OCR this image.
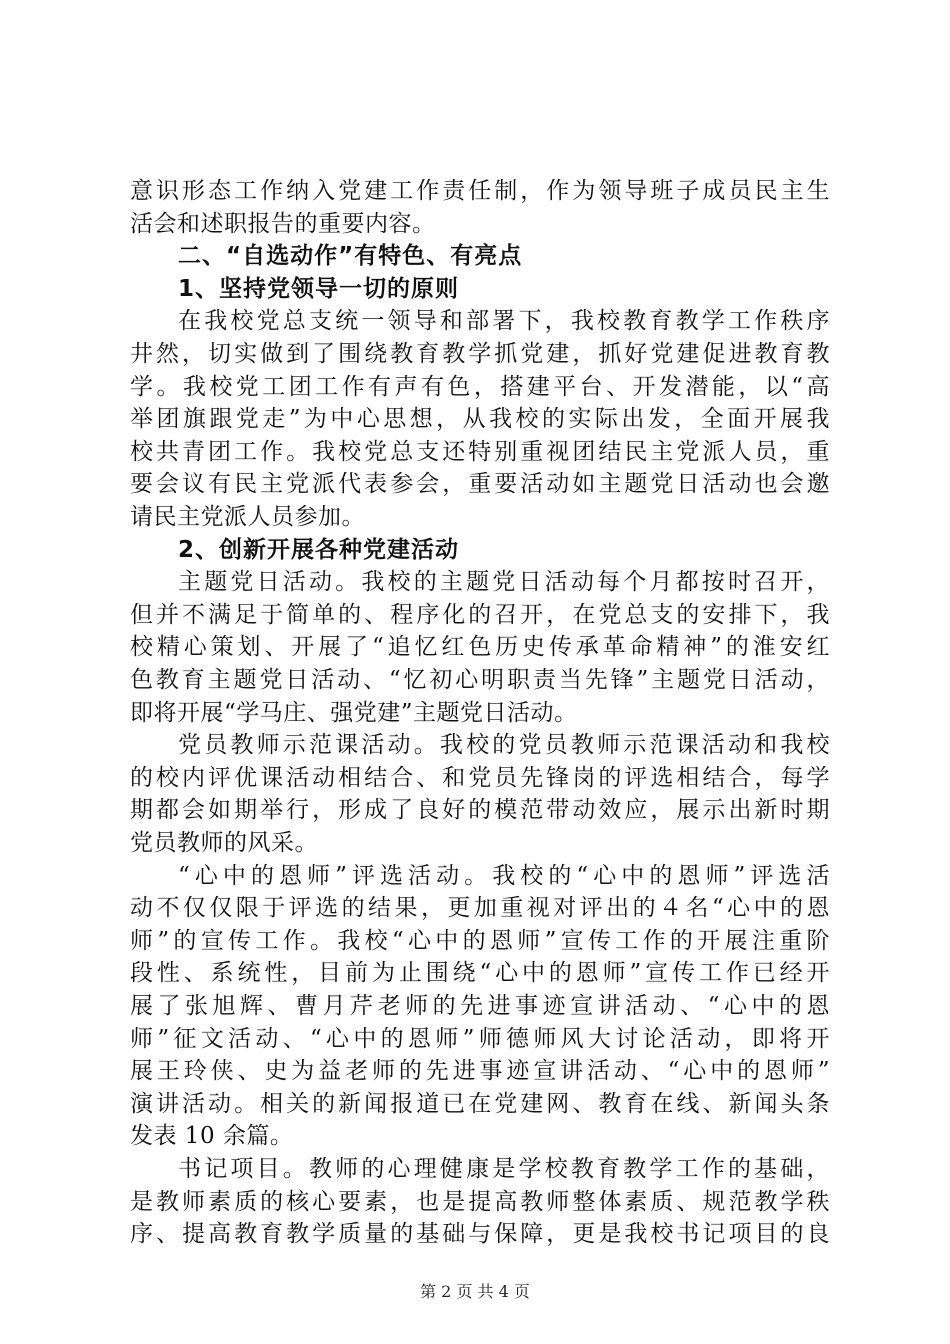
意识形态工作纳入党建工作责任制，作为领导班子成员民主生
活会和述职报告的重要内容。
二、“自选动作”有特色、有亮点
1、坚持党领导一切的原则
在我校党总支统一领导和部署下，我校教育教学工作秩序
井然，切实做到了围绕教育教学抓党建，抓好党建促进教育教
学。我校党工团工作有声有色，搭建平台、开发潜能，以“高
举团旗跟党走”为中心思想，从我校的实际出发，全面开展我
校共青团工作。我校党总支还特别重视团结民主党派人员，重
要会议有民主党派代表参会，重要活动如主题党日活动也会邀
请民主党派人员参加。
2、创新开展各种党建活动
主题党日活动。我校的主题党日活动每个月都按时召开，
但并不满足于简单的、程序化的召开，在党总支的安排下，我
校精心策划、开展了“追忆红色历史传承革命精神”的淮安红
色教育主题党日活动、“忆初心明职责当先锋”主题党日活动，
即将开展“学马庄、强党建”主题党日活动。
党员教师示范课活动。我校的党员教师示范课活动和我校
的校内评优课活动相结合、和党员先锋岗的评选相结合，每学
期都会如期举行，形成了良好的模范带动效应，展示出新时期
党员教师的风采。
“心中的恩师”评选活动。我校的“心中的恩师”评选活
动不仅仅限于评选的结果，更加重视对评出的４名“心中的恩
师”的宣传工作。我校“心中的恩师”宣传工作的开展注重阶
段性、系统性，目前为止围绕“心中的恩师”宣传工作已经开
展了张旭辉、曹月芹老师的先进事迹宣讲活动、“心中的恩
师”征文活动、“心中的恩师”师德师风大讨论活动，即将开
展王玲侠、史为益老师的先进事迹宣讲活动、“心中的恩师”
演讲活动。相关的新闻报道已在党建网、教育在线、新闻头条
发表 10 余篇。
书记项目。教师的心理健康是学校教育教学工作的基础，
是教师素质的核心要素，也是提高教师整体素质、规范教学秩
序、提高教育教学质量的基础与保障，更是我校书记项目的良
第 2 页 共 4 页
